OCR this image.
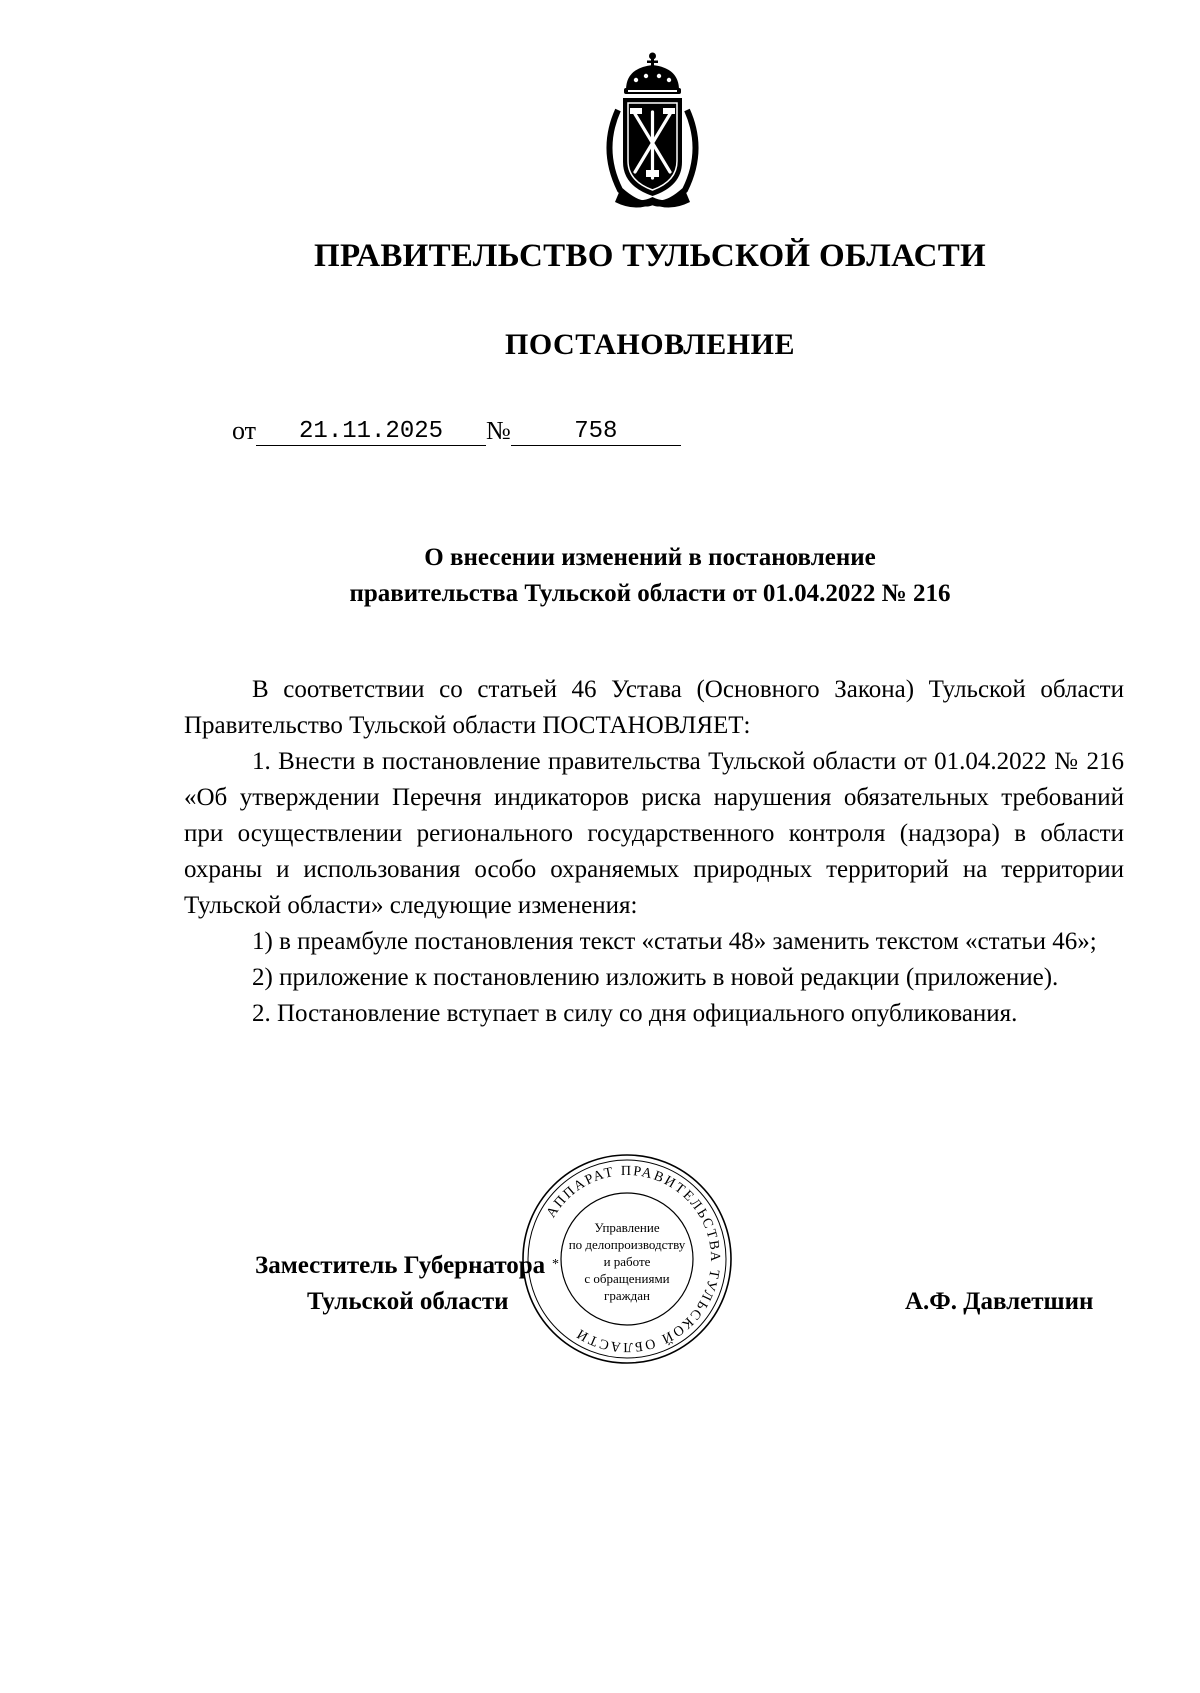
ПРАВИТЕЛЬСТВО ТУЛЬСКОЙ ОБЛАСТИ
ПОСТАНОВЛЕНИЕ
от	21.11.2025	№	758
О внесении изменений в постановление
правительства Тульской области от 01.04.2022 № 216

В соответствии со статьей 46 Устава (Основного Закона) Тульской области Правительство Тульской области ПОСТАНОВЛЯЕТ:

1. Внести в постановление правительства Тульской области от 01.04.2022 № 216 «Об утверждении Перечня индикаторов риска нарушения обязательных требований при осуществлении регионального государственного контроля (надзора) в области охраны и использования особо охраняемых природных территорий на территории Тульской области» следующие изменения:

1) в преамбуле постановления текст «статьи 48» заменить текстом «статьи 46»;

2) приложение к постановлению изложить в новой редакции (приложение).

2. Постановление вступает в силу со дня официального опубликования.

Заместитель Губернатора
Тульской области	А.Ф. Давлетшин
АППАРАТ ПРАВИТЕЛЬСТВА ТУЛЬСКОЙ ОБЛАСТИ
Управление
по делопроизводству
и работе
с обращениями
граждан
*
